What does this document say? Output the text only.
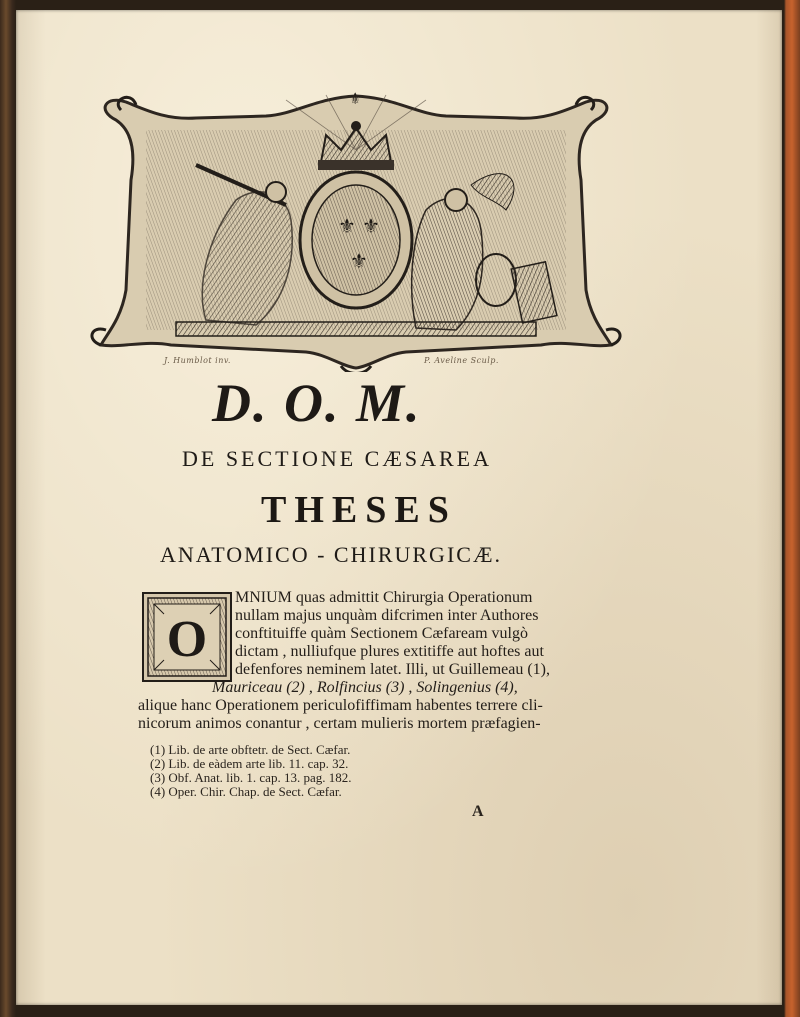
⚜ ⚜
⚜
⚜
J. Humblot inv.	P. Aveline Sculp.
D. O. M.
DE SECTIONE CÆSAREA
THESES
ANATOMICO - CHIRURGICÆ.
O
MNIUM quas admittit Chirurgia Operationum
nullam majus unquàm difcrimen inter Authores
conftituiffe quàm Sectionem Cæfaream vulgò
dictam , nulliufque plures extitiffe aut hoftes aut
defenfores neminem latet. Illi, ut Guillemeau (1),
Mauriceau (2) , Rolfincius (3) , Solingenius (4),
alique hanc Operationem periculofiffimam habentes terrere cli-
nicorum animos conantur , certam mulieris mortem præfagien-
(1) Lib. de arte obftetr. de Sect. Cæfar.
(2) Lib. de eàdem arte lib. 11. cap. 32.
(3) Obf. Anat. lib. 1. cap. 13. pag. 182.
(4) Oper. Chir. Chap. de Sect. Cæfar.
A
